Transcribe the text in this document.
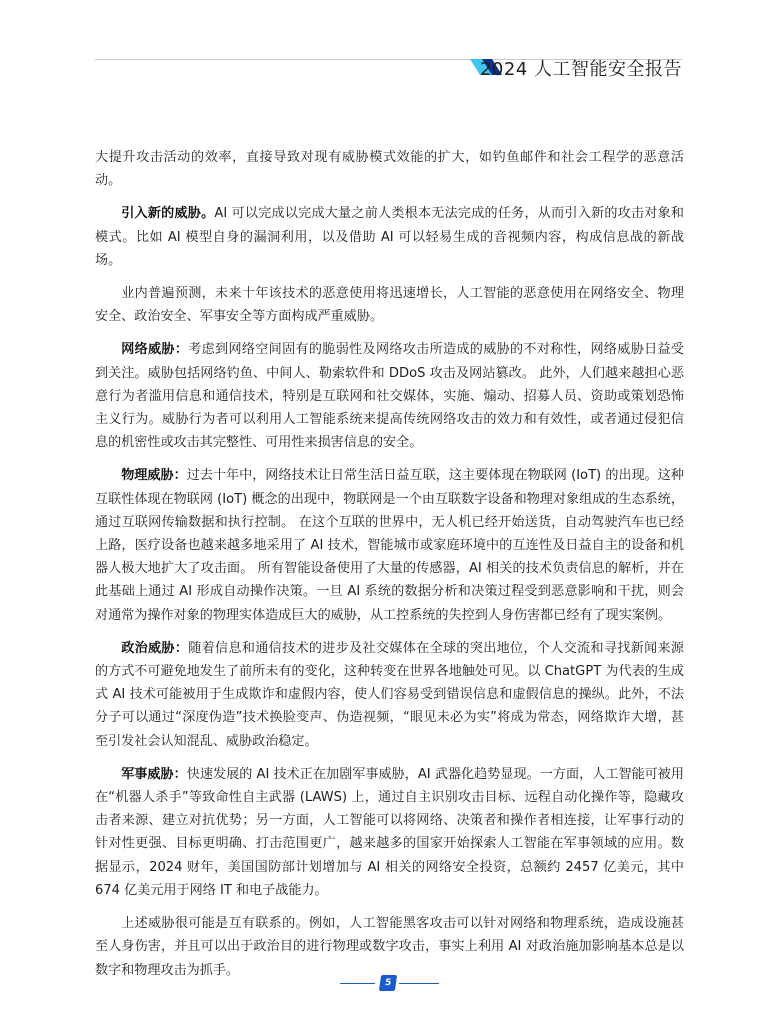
2024 人工智能安全报告

大提升攻击活动的效率，直接导致对现有威胁模式效能的扩大，如钓鱼邮件和社会工程学的恶意活动。

引入新的威胁。AI 可以完成以完成大量之前人类根本无法完成的任务，从而引入新的攻击对象和模式。比如 AI 模型自身的漏洞利用，以及借助 AI 可以轻易生成的音视频内容，构成信息战的新战场。

业内普遍预测，未来十年该技术的恶意使用将迅速增长，人工智能的恶意使用在网络安全、物理安全、政治安全、军事安全等方面构成严重威胁。

网络威胁：考虑到网络空间固有的脆弱性及网络攻击所造成的威胁的不对称性，网络威胁日益受到关注。威胁包括网络钓鱼、中间人、勒索软件和 DDoS 攻击及网站篡改。 此外，人们越来越担心恶意行为者滥用信息和通信技术，特别是互联网和社交媒体，实施、煽动、招募人员、资助或策划恐怖主义行为。威胁行为者可以利用人工智能系统来提高传统网络攻击的效力和有效性，或者通过侵犯信息的机密性或攻击其完整性、可用性来损害信息的安全。

物理威胁：过去十年中，网络技术让日常生活日益互联，这主要体现在物联网 (IoT) 的出现。这种互联性体现在物联网 (IoT) 概念的出现中，物联网是一个由互联数字设备和物理对象组成的生态系统，通过互联网传输数据和执行控制。 在这个互联的世界中，无人机已经开始送货，自动驾驶汽车也已经上路，医疗设备也越来越多地采用了 AI 技术，智能城市或家庭环境中的互连性及日益自主的设备和机器人极大地扩大了攻击面。 所有智能设备使用了大量的传感器，AI 相关的技术负责信息的解析，并在此基础上通过 AI 形成自动操作决策。一旦 AI 系统的数据分析和决策过程受到恶意影响和干扰，则会对通常为操作对象的物理实体造成巨大的威胁，从工控系统的失控到人身伤害都已经有了现实案例。

政治威胁：随着信息和通信技术的进步及社交媒体在全球的突出地位，个人交流和寻找新闻来源的方式不可避免地发生了前所未有的变化，这种转变在世界各地触处可见。以 ChatGPT 为代表的生成式 AI 技术可能被用于生成欺诈和虚假内容，使人们容易受到错误信息和虚假信息的操纵。此外，不法分子可以通过“深度伪造”技术换脸变声、伪造视频，“眼见未必为实”将成为常态，网络欺诈大增，甚至引发社会认知混乱、威胁政治稳定。

军事威胁：快速发展的 AI 技术正在加剧军事威胁，AI 武器化趋势显现。一方面，人工智能可被用在“机器人杀手”等致命性自主武器 (LAWS) 上，通过自主识别攻击目标、远程自动化操作等，隐藏攻击者来源、建立对抗优势；另一方面，人工智能可以将网络、决策者和操作者相连接，让军事行动的针对性更强、目标更明确、打击范围更广，越来越多的国家开始探索人工智能在军事领域的应用。数据显示，2024 财年，美国国防部计划增加与 AI 相关的网络安全投资，总额约 2457 亿美元，其中 674 亿美元用于网络 IT 和电子战能力。

上述威胁很可能是互有联系的。例如，人工智能黑客攻击可以针对网络和物理系统，造成设施甚至人身伤害，并且可以出于政治目的进行物理或数字攻击，事实上利用 AI 对政治施加影响基本总是以数字和物理攻击为抓手。

5
